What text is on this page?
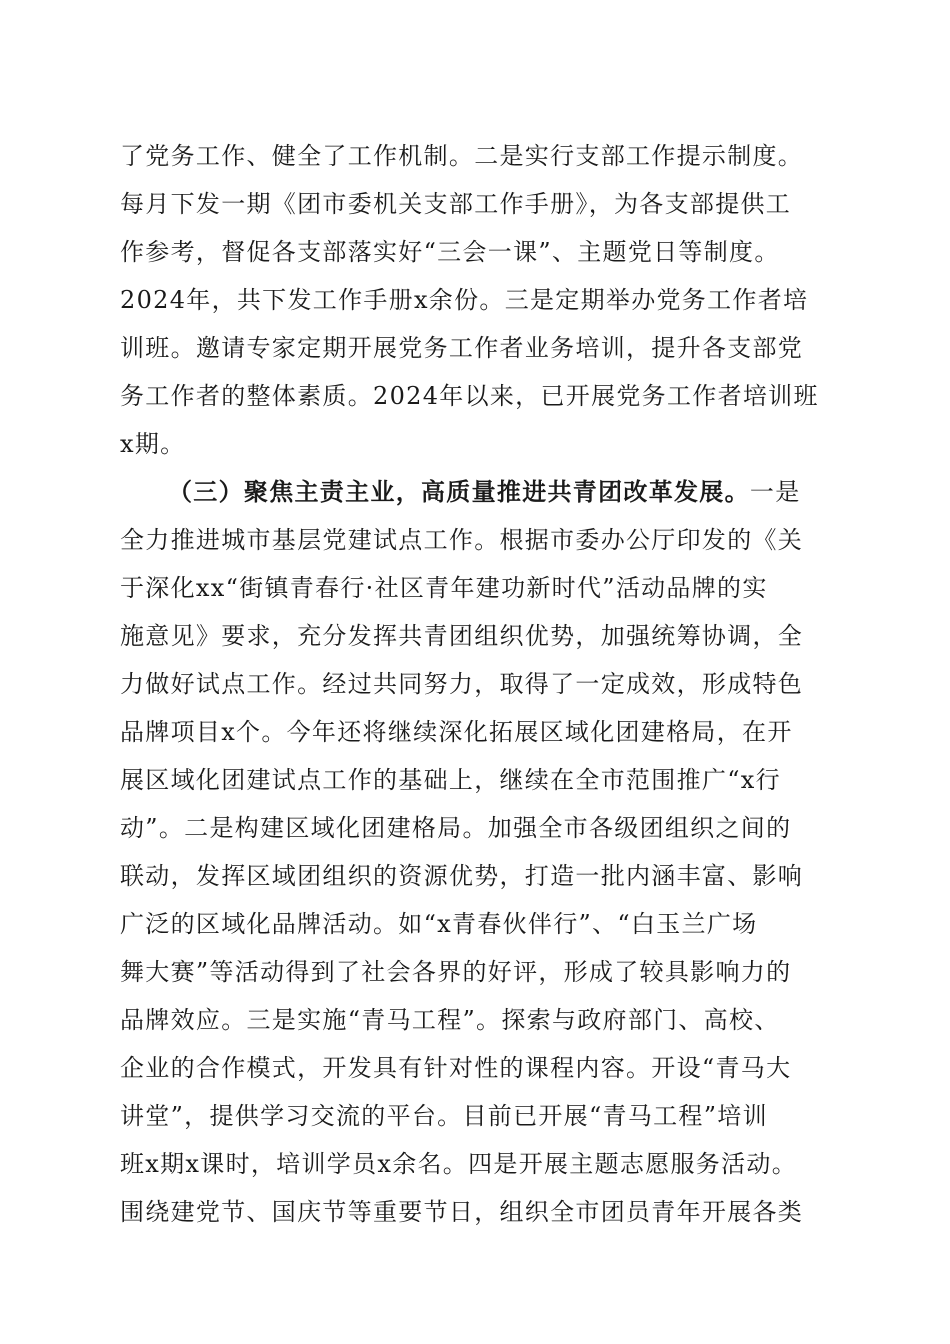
了党务工作、健全了工作机制。二是实行支部工作提示制度。
每月下发一期《团市委机关支部工作手册》，为各支部提供工
作参考，督促各支部落实好“三会一课”、主题党日等制度。
2024年，共下发工作手册x余份。三是定期举办党务工作者培
训班。邀请专家定期开展党务工作者业务培训，提升各支部党
务工作者的整体素质。2024年以来，已开展党务工作者培训班
x期。
（三）聚焦主责主业，高质量推进共青团改革发展。一是
全力推进城市基层党建试点工作。根据市委办公厅印发的《关
于深化xx“街镇青春行·社区青年建功新时代”活动品牌的实
施意见》要求，充分发挥共青团组织优势，加强统筹协调，全
力做好试点工作。经过共同努力，取得了一定成效，形成特色
品牌项目x个。今年还将继续深化拓展区域化团建格局，在开
展区域化团建试点工作的基础上，继续在全市范围推广“x行
动”。二是构建区域化团建格局。加强全市各级团组织之间的
联动，发挥区域团组织的资源优势，打造一批内涵丰富、影响
广泛的区域化品牌活动。如“x青春伙伴行”、“白玉兰广场
舞大赛”等活动得到了社会各界的好评，形成了较具影响力的
品牌效应。三是实施“青马工程”。探索与政府部门、高校、
企业的合作模式，开发具有针对性的课程内容。开设“青马大
讲堂”，提供学习交流的平台。目前已开展“青马工程”培训
班x期x课时，培训学员x余名。四是开展主题志愿服务活动。
围绕建党节、国庆节等重要节日，组织全市团员青年开展各类
